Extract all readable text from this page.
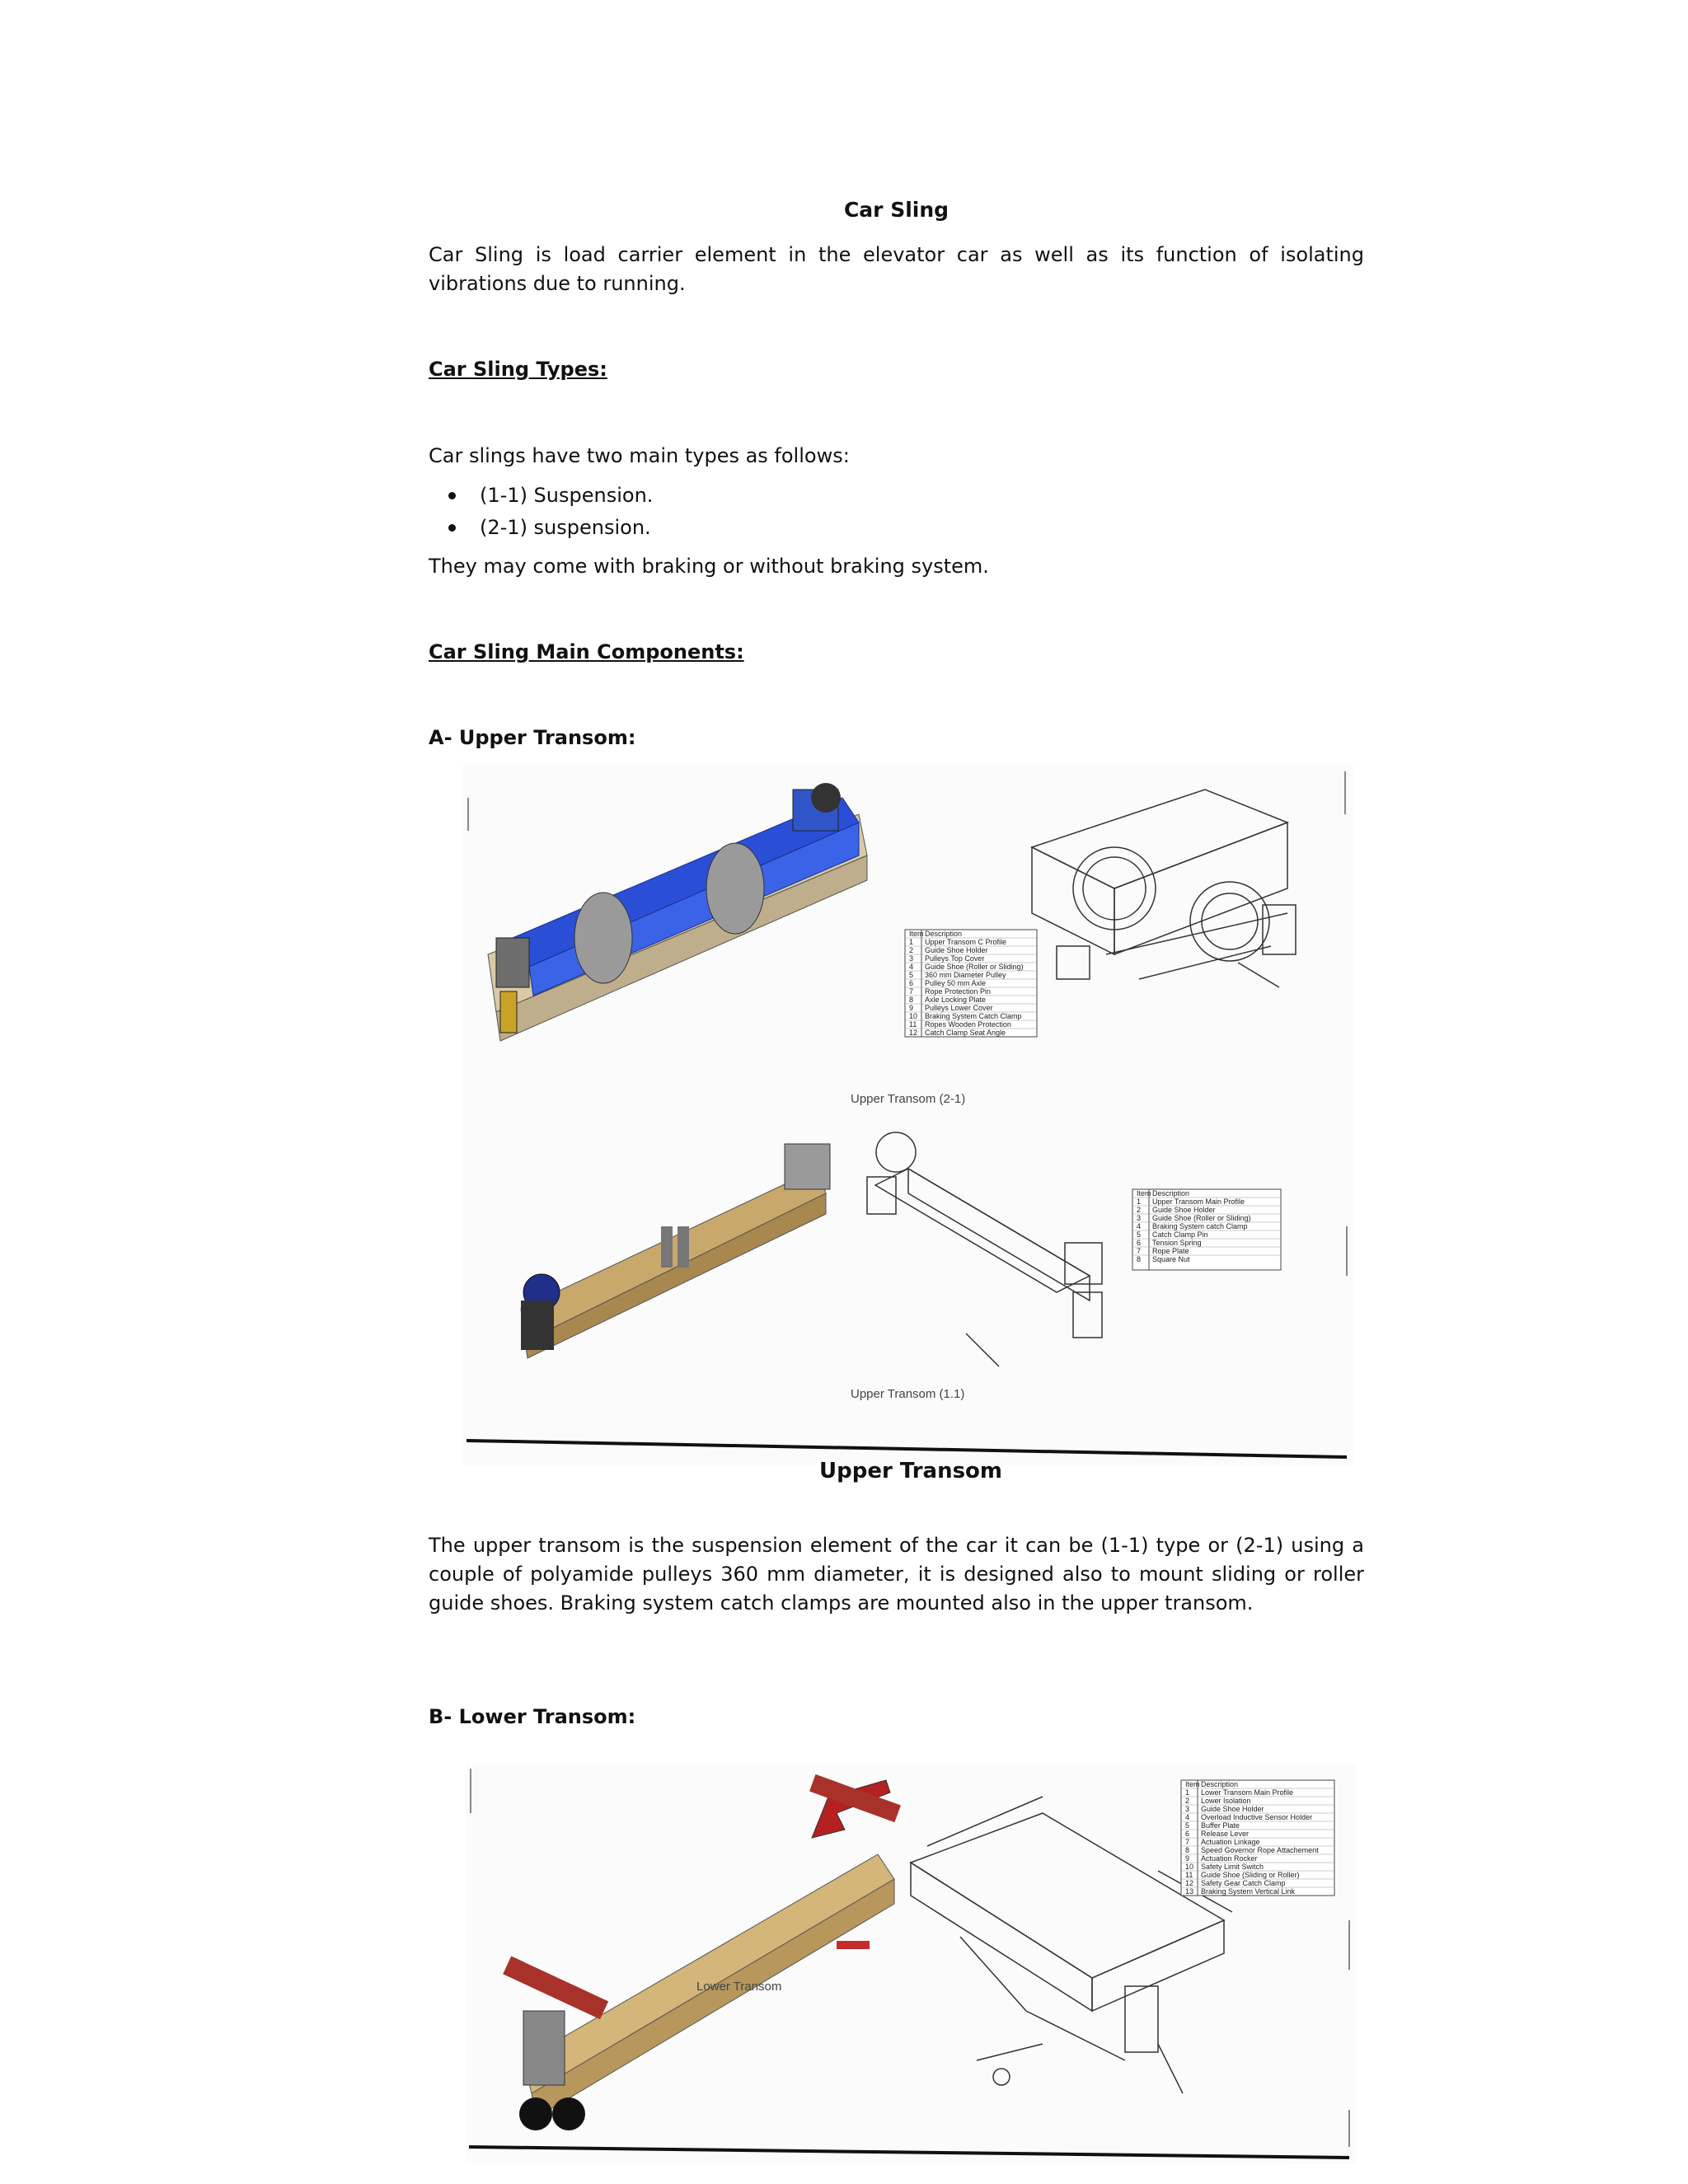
Car Sling

Car Sling is load carrier element in the elevator car as well as its function of isolating vibrations due to running.

Car Sling Types:

Car slings have two main types as follows:

(1-1) Suspension.
(2-1) suspension.

They may come with braking or without braking system.

Car Sling Main Components:

A- Upper Transom:

Item Description
1 Upper Transom C Profile
2 Guide Shoe Holder
3 Pulleys Top Cover
4 Guide Shoe (Roller or Sliding)
5 360 mm Diameter Pulley
6 Pulley 50 mm Axle
7 Rope Protection Pin
8 Axle Locking Plate
9 Pulleys Lower Cover
10 Braking System Catch Clamp
11 Ropes Wooden Protection
12 Catch Clamp Seat Angle
Upper Transom (2-1)
Item Description
1 Upper Transom Main Profile
2 Guide Shoe Holder
3 Guide Shoe (Roller or Sliding)
4 Braking System catch Clamp
5 Catch Clamp Pin
6 Tension Spring
7 Rope Plate
8 Square Nut
Upper Transom (1.1)
Upper Transom

The upper transom is the suspension element of the car it can be (1-1) type or (2-1) using a couple of polyamide pulleys 360 mm diameter, it is designed also to mount sliding or roller guide shoes. Braking system catch clamps are mounted also in the upper transom.

B- Lower Transom:

Lower Transom
Item Description
1 Lower Transom Main Profile
2 Lower Isolation
3 Guide Shoe Holder
4 Overload Inductive Sensor Holder
5 Buffer Plate
6 Release Lever
7 Actuation Linkage
8 Speed Governor Rope Attachement
9 Actuation Rocker
10 Safety Limit Switch
11 Guide Shoe (Sliding or Roller)
12 Safety Gear Catch Clamp
13 Braking System Vertical Link
